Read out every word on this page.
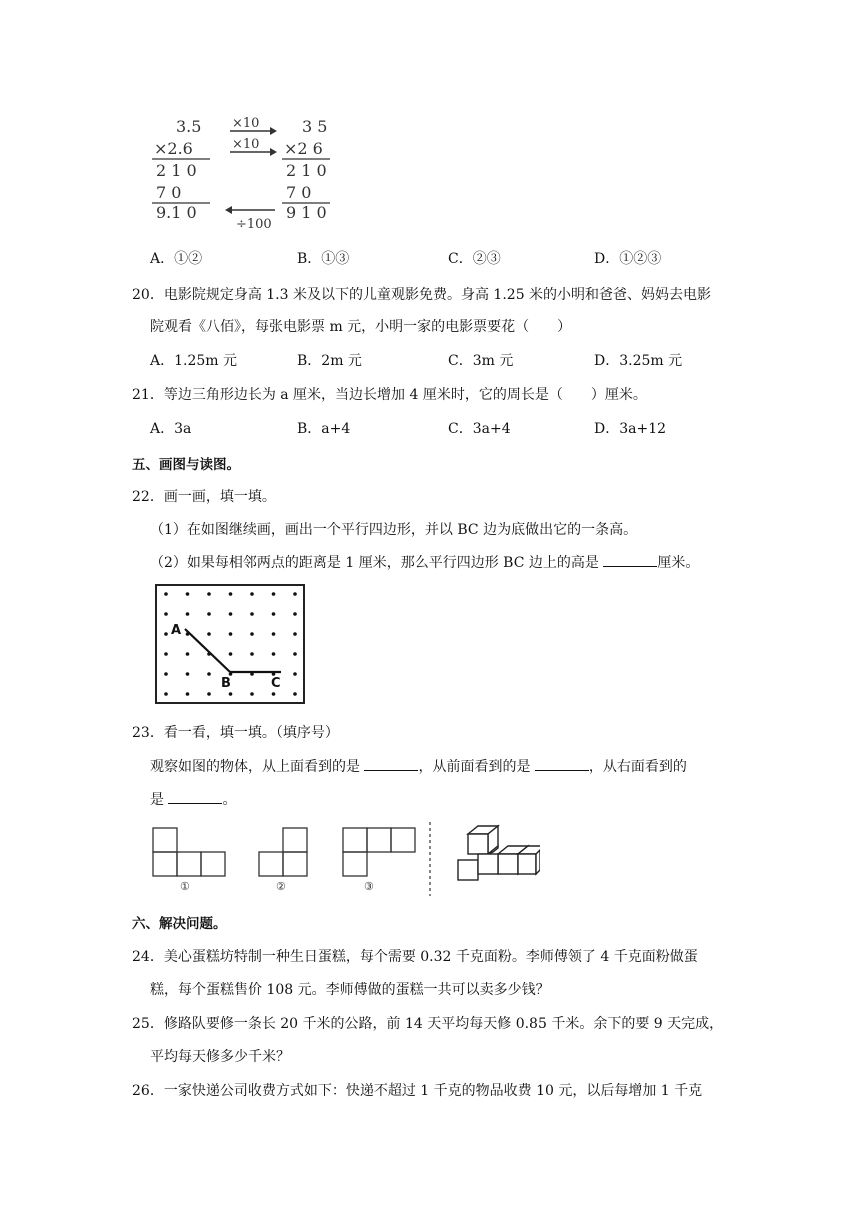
3.5
×2.6
2 1 0
7 0
9.1 0
×10
×10
÷100
3 5
×2 6
2 1 0
7 0
9 1 0
A．①②	B．①③	C．②③	D．①②③
20．电影院规定身高 1.3 米及以下的儿童观影免费。身高 1.25 米的小明和爸爸、妈妈去电影
院观看《八佰》，每张电影票 m 元，小明一家的电影票要花（　　）
A．1.25m 元	B．2m 元	C．3m 元	D．3.25m 元
21．等边三角形边长为 a 厘米，当边长增加 4 厘米时，它的周长是（　　）厘米。
A．3a	B．a+4	C．3a+4	D．3a+12
五、画图与读图。
22．画一画，填一填。
（1）在如图继续画，画出一个平行四边形，并以 BC 边为底做出它的一条高。
（2）如果每相邻两点的距离是 1 厘米，那么平行四边形 BC 边上的高是	厘米。
A
B	C
23．看一看，填一填。（填序号）
观察如图的物体，从上面看到的是	，从前面看到的是	，从右面看到的
是	。
①	②	③
六、解决问题。
24．美心蛋糕坊特制一种生日蛋糕，每个需要 0.32 千克面粉。李师傅领了 4 千克面粉做蛋
糕，每个蛋糕售价 108 元。李师傅做的蛋糕一共可以卖多少钱？
25．修路队要修一条长 20 千米的公路，前 14 天平均每天修 0.85 千米。余下的要 9 天完成，
平均每天修多少千米？
26．一家快递公司收费方式如下：快递不超过 1 千克的物品收费 10 元，以后每增加 1 千克
